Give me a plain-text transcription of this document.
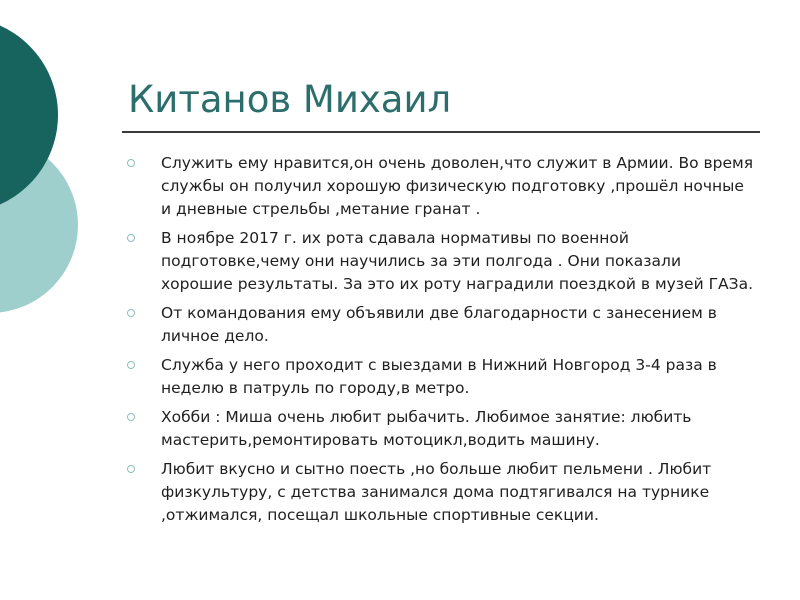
Китанов Михаил
Служить ему нравится,он очень доволен,что служит в Армии. Во время службы он получил хорошую физическую подготовку ,прошёл ночные и дневные стрельбы ,метание гранат .
В ноябре 2017 г. их рота сдавала нормативы по военной подготовке,чему они научились за эти полгода . Они показали хорошие результаты. За это их роту наградили поездкой в музей ГАЗа.
От командования ему объявили две благодарности с занесением в личное дело.
Служба у него проходит с выездами в Нижний Новгород 3-4 раза в неделю в патруль по городу,в метро.
Хобби : Миша очень любит рыбачить. Любимое занятие: любить мастерить,ремонтировать мотоцикл,водить машину.
Любит вкусно и сытно поесть ,но больше любит пельмени . Любит физкультуру, с детства занимался дома подтягивался на турнике ,отжимался, посещал школьные спортивные секции.
